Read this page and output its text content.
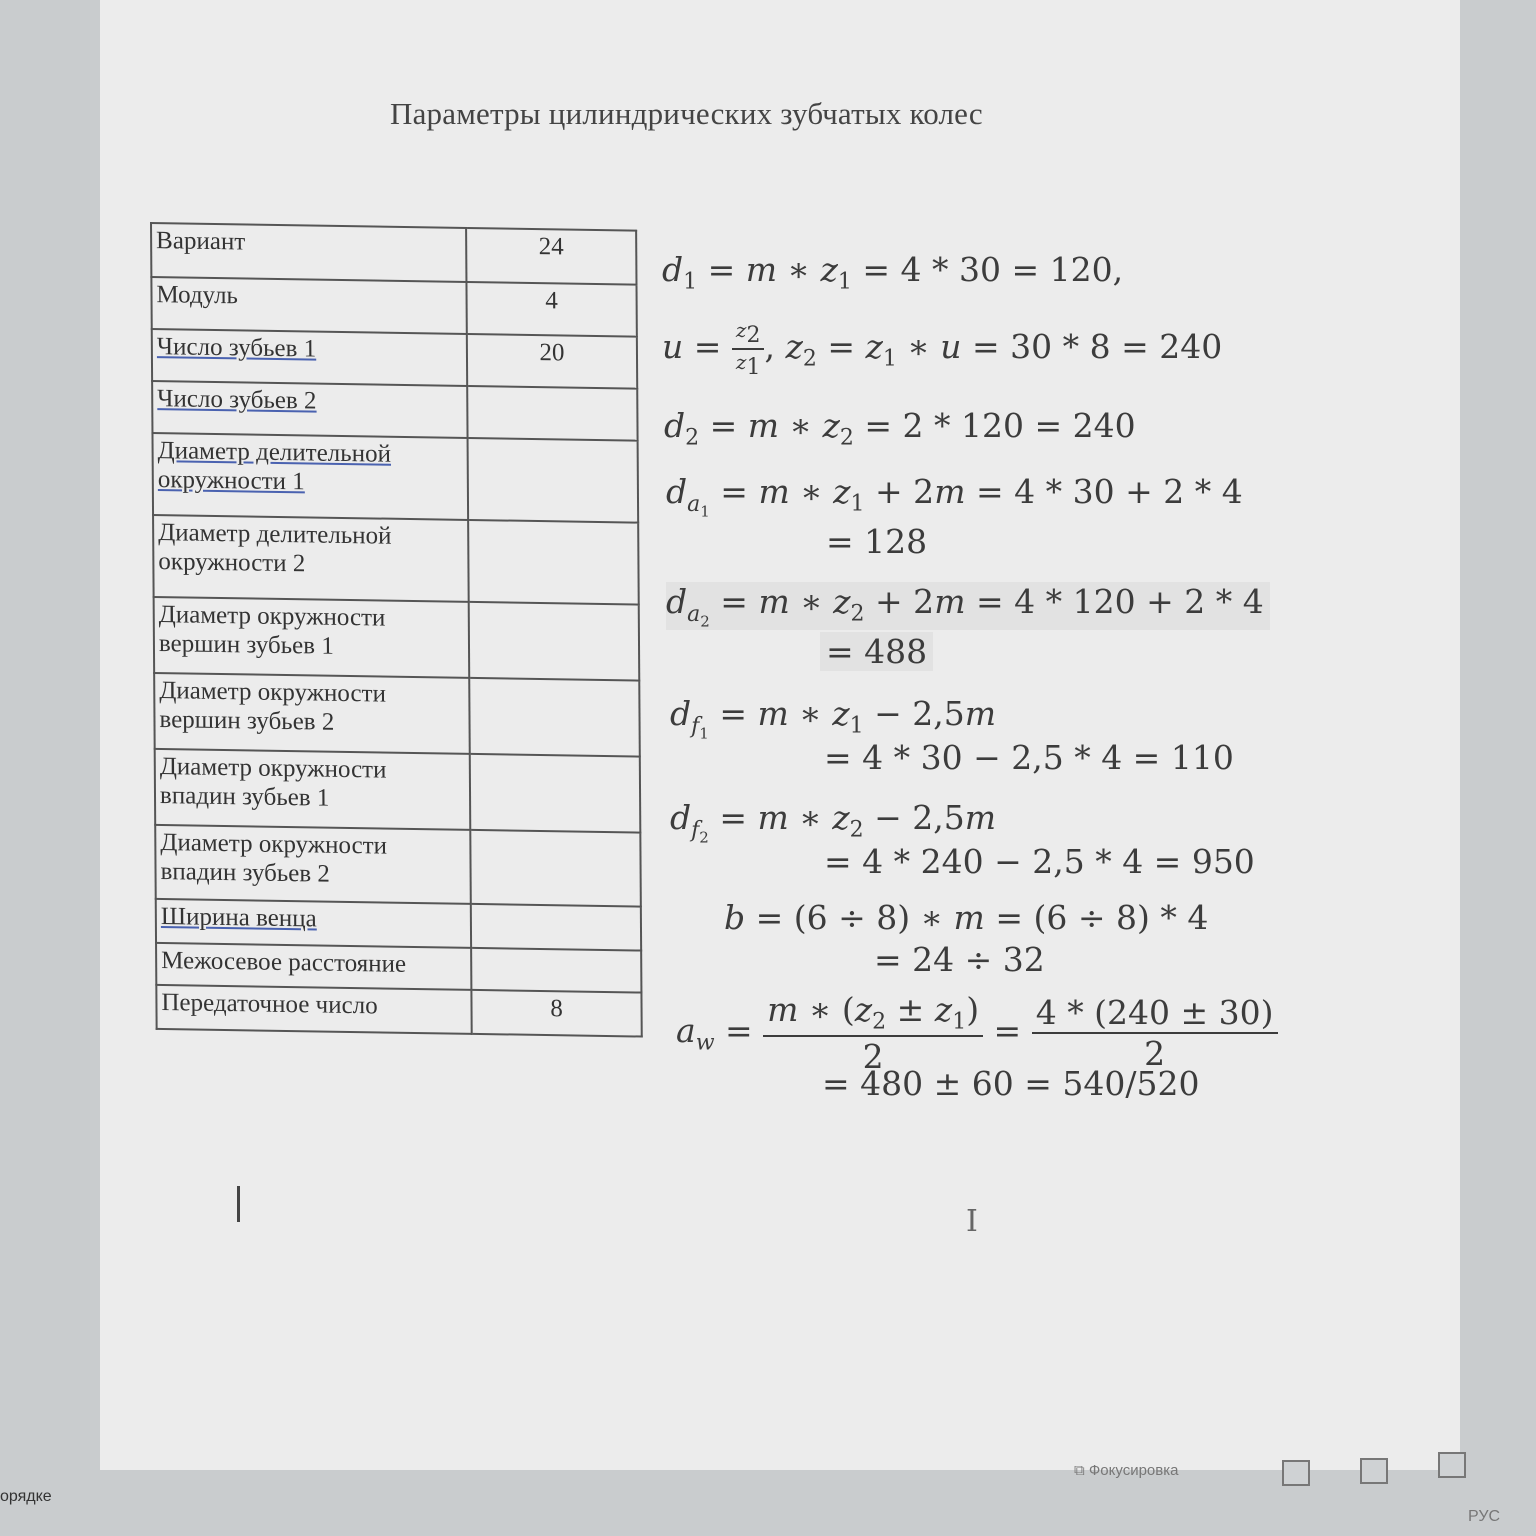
Параметры цилиндрических зубчатых колес
Вариант	24
Модуль	4
Число зубьев 1	20
Число зубьев 2	
Диаметр делительной окружности 1	
Диаметр делительной окружности 2	
Диаметр окружности вершин зубьев 1	
Диаметр окружности вершин зубьев 2	
Диаметр окружности впадин зубьев 1	
Диаметр окружности впадин зубьев 2	
Ширина венца	
Межосевое расстояние	
Передаточное число	8
$d_1 = m$ ∗ $z_1 = 4 * 30 = 120$,
$u = \frac{z_2}{z_1}$ , $z_2 = z_1$ ∗ u = 30 * 8 = 240
$d_2 = m$ ∗ $z_2 = 2 * 120 = 240$
$d_{a_1} = m$ ∗ $z_1 + 2m = 4 * 30 + 2 * 4$
= 128
$d_{a_2} = m$ ∗ $z_2 + 2m = 4 * 120 + 2 * 4$
= 488
$d_{f_1} = m$ ∗ $z_1 - 2,5m$
= 4 * 30 − 2,5 * 4 = 110
$d_{f_2} = m$ ∗ $z_2 - 2,5m$
= 4 * 240 − 2,5 * 4 = 950
b = (6 ÷ 8) ∗ m = (6 ÷ 8) * 4
= 24 ÷ 32
$a_w = \frac{m ∗ (z_2 \pm z_1)}{2} = \frac{4 * (240 \pm 30)}{2}$
= 480 ± 60 = 540/520
I
орядке
⧉ Фокусировка
РУС
